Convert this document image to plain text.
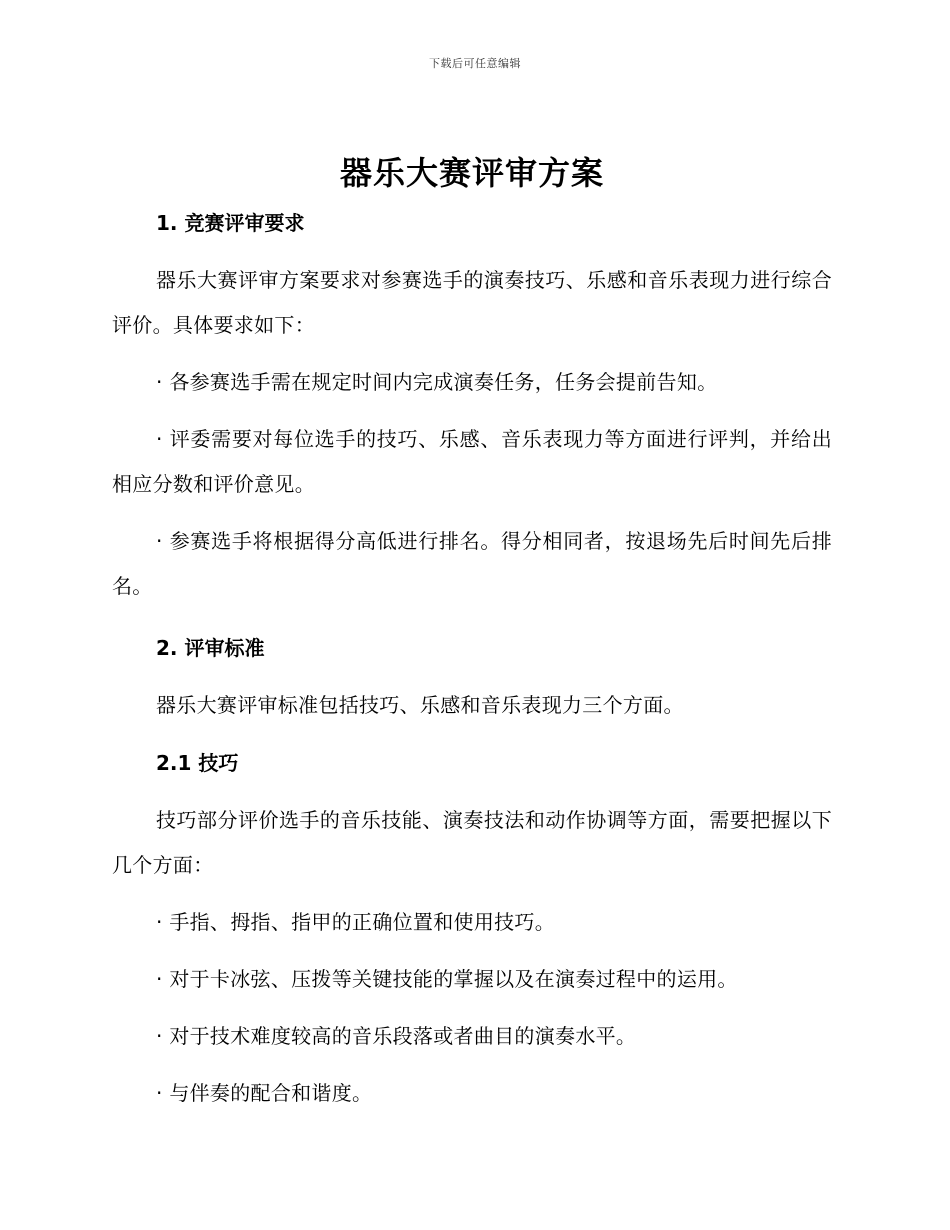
下载后可任意编辑
器乐大赛评审方案

1. 竞赛评审要求

器乐大赛评审方案要求对参赛选手的演奏技巧、乐感和音乐表现力进行综合评价。具体要求如下：

· 各参赛选手需在规定时间内完成演奏任务，任务会提前告知。

· 评委需要对每位选手的技巧、乐感、音乐表现力等方面进行评判，并给出相应分数和评价意见。

· 参赛选手将根据得分高低进行排名。得分相同者，按退场先后时间先后排名。

2. 评审标准

器乐大赛评审标准包括技巧、乐感和音乐表现力三个方面。

2.1 技巧

技巧部分评价选手的音乐技能、演奏技法和动作协调等方面，需要把握以下几个方面：

· 手指、拇指、指甲的正确位置和使用技巧。

· 对于卡冰弦、压拨等关键技能的掌握以及在演奏过程中的运用。

· 对于技术难度较高的音乐段落或者曲目的演奏水平。

· 与伴奏的配合和谐度。
